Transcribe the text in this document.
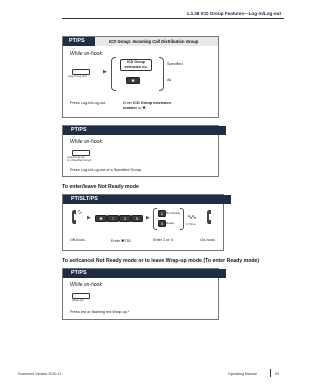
1.3.38 ICD Group Features—Log-in/Log-out
PT/PS	ICD Group: Incoming Call Distribution Group
While on-hook
(Log-in/Log-out)
▶
ICD Group
extension no.
Specified
✱	All
Press Log-in/Log-out.	Enter ICD Group extension number or ✱.
PT/PS
While on-hook
(Log-in/Log-out
of a Specified Group)
Press Log-in/Log-out of a Specified Group.
To enter/leave Not Ready mode
PT/SLT/PS
▶	✱	7	3	5	▶
1 Not Ready
0 Ready	C.Tone
Off-hook.	Enter ✱735.	Enter 1 or 0.	On-hook.
To set/cancel Not Ready mode or to leave Wrap-up mode (To enter Ready mode)
PT/PS
While on-hook
(Wrap-up)
Press red or flashing red Wrap-up.*
Document Version 2010-11	Operating Manual	93
